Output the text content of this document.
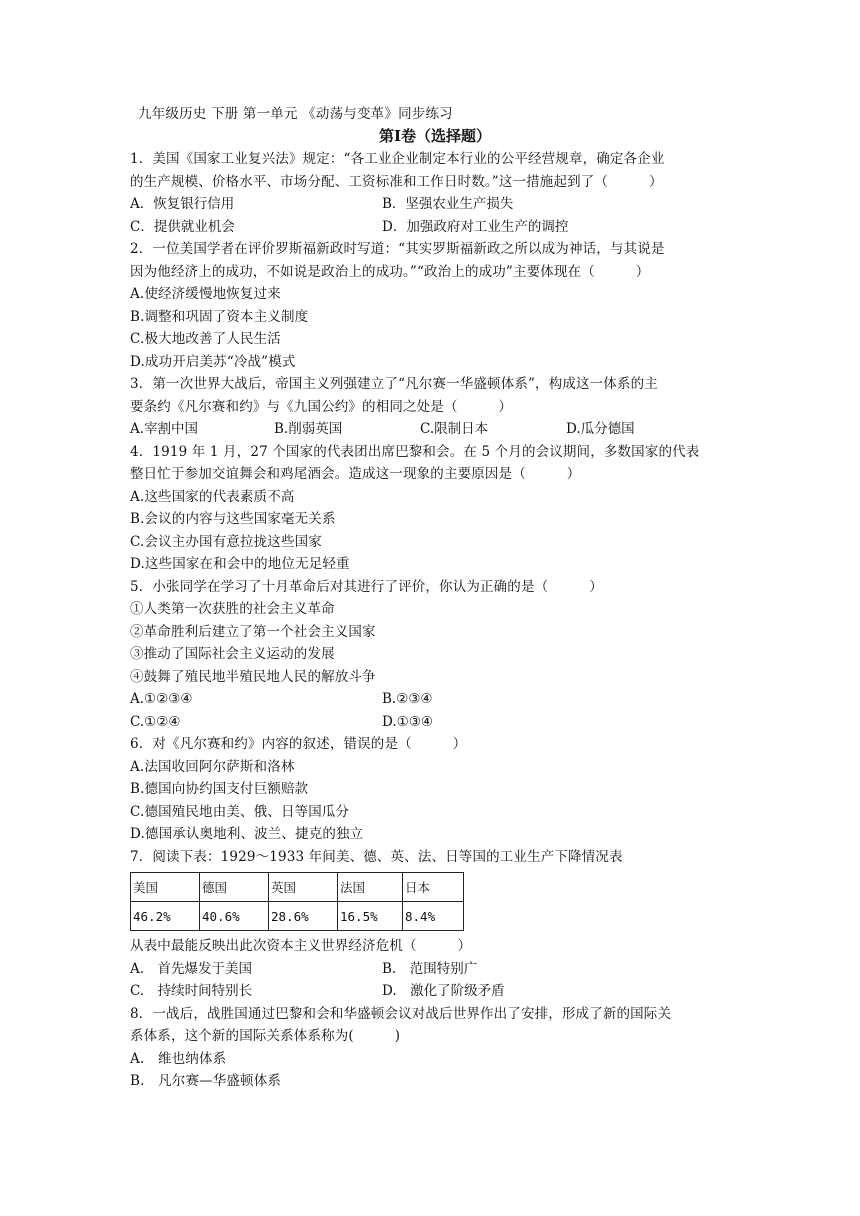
九年级历史 下册 第一单元 《动荡与变革》同步练习
第Ⅰ卷（选择题）
1．美国《国家工业复兴法》规定：“各工业企业制定本行业的公平经营规章，确定各企业
的生产规模、价格水平、市场分配、工资标准和工作日时数。”这一措施起到了（　　　）
A．恢复银行信用	B．坚强农业生产损失
C．提供就业机会	D．加强政府对工业生产的调控
2．一位美国学者在评价罗斯福新政时写道：“其实罗斯福新政之所以成为神话，与其说是
因为他经济上的成功，不如说是政治上的成功。”“政治上的成功”主要体现在（　　　）
A.使经济缓慢地恢复过来
B.调整和巩固了资本主义制度
C.极大地改善了人民生活
D.成功开启美苏“冷战”模式
3．第一次世界大战后，帝国主义列强建立了“凡尔赛一华盛顿体系”，构成这一体系的主
要条约《凡尔赛和约》与《九国公约》的相同之处是（　　　）
A.宰割中国	B.削弱英国	C.限制日本	D.瓜分德国
4．1919 年 1 月，27 个国家的代表团出席巴黎和会。在 5 个月的会议期间，多数国家的代表
整日忙于参加交谊舞会和鸡尾酒会。造成这一现象的主要原因是（　　　）
A.这些国家的代表素质不高
B.会议的内容与这些国家毫无关系
C.会议主办国有意拉拢这些国家
D.这些国家在和会中的地位无足轻重
5．小张同学在学习了十月革命后对其进行了评价，你认为正确的是（　　　）
①人类第一次获胜的社会主义革命
②革命胜利后建立了第一个社会主义国家
③推动了国际社会主义运动的发展
④鼓舞了殖民地半殖民地人民的解放斗争
A.①②③④	B.②③④
C.①②④	D.①③④
6．对《凡尔赛和约》内容的叙述，错误的是（　　　）
A.法国收回阿尔萨斯和洛林
B.德国向协约国支付巨额赔款
C.德国殖民地由美、俄、日等国瓜分
D.德国承认奥地利、波兰、捷克的独立
7．阅读下表：1929～1933 年间美、德、英、法、日等国的工业生产下降情况表
美国	德国	英国	法国	日本
46.2%	40.6%	28.6%	16.5%	8.4%
从表中最能反映出此次资本主义世界经济危机（　　　）
A.　首先爆发于美国	B.　范围特别广
C.　持续时间特别长	D.　激化了阶级矛盾
8．一战后，战胜国通过巴黎和会和华盛顿会议对战后世界作出了安排，形成了新的国际关
系体系，这个新的国际关系体系称为(　　　)
A.　维也纳体系
B.　凡尔赛—华盛顿体系
